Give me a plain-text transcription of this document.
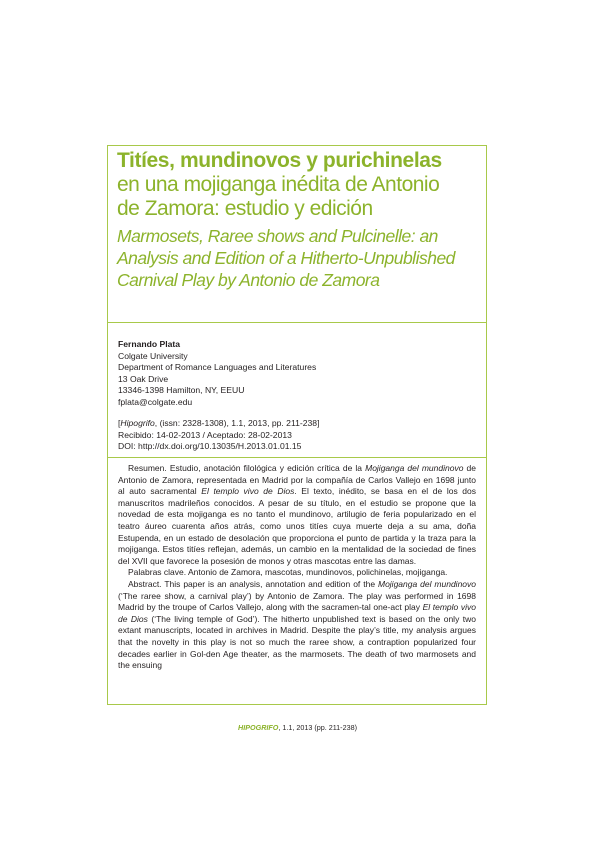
Titíes, mundinovos y purichinelas
en una mojiganga inédita de Antonio
de Zamora: estudio y edición
Marmosets, Raree shows and Pulcinelle: an
Analysis and Edition of a Hitherto-Unpublished
Carnival Play by Antonio de Zamora
Fernando Plata
Colgate University
Department of Romance Languages and Literatures
13 Oak Drive
13346-1398 Hamilton, NY, EEUU
fplata@colgate.edu
[Hipogrifo, (issn: 2328-1308), 1.1, 2013, pp. 211-238]
Recibido: 14-02-2013 / Aceptado: 28-02-2013
DOI: http://dx.doi.org/10.13035/H.2013.01.01.15

Resumen. Estudio, anotación filológica y edición crítica de la Mojiganga del mundinovo de Antonio de Zamora, representada en Madrid por la compañía de Carlos Vallejo en 1698 junto al auto sacramental El templo vivo de Dios. El texto, inédito, se basa en el de los dos manuscritos madrileños conocidos. A pesar de su título, en el estudio se propone que la novedad de esta mojiganga es no tanto el mundinovo, artilugio de feria popularizado en el teatro áureo cuarenta años atrás, como unos titíes cuya muerte deja a su ama, doña Estupenda, en un estado de desolación que proporciona el punto de partida y la traza para la mojiganga. Estos titíes reflejan, además, un cambio en la mentalidad de la sociedad de fines del XVII que favorece la posesión de monos y otras mascotas entre las damas.

Palabras clave. Antonio de Zamora, mascotas, mundinovos, polichinelas, mojiganga.

Abstract. This paper is an analysis, annotation and edition of the Mojiganga del mundinovo (‘The raree show, a carnival play’) by Antonio de Zamora. The play was performed in 1698 Madrid by the troupe of Carlos Vallejo, along with the sacramen-tal one-act play El templo vivo de Dios (‘The living temple of God’). The hitherto unpublished text is based on the only two extant manuscripts, located in archives in Madrid. Despite the play’s title, my analysis argues that the novelty in this play is not so much the raree show, a contraption popularized four decades earlier in Gol-den Age theater, as the marmosets. The death of two marmosets and the ensuing

HIPOGRIFO, 1.1, 2013 (pp. 211-238)
